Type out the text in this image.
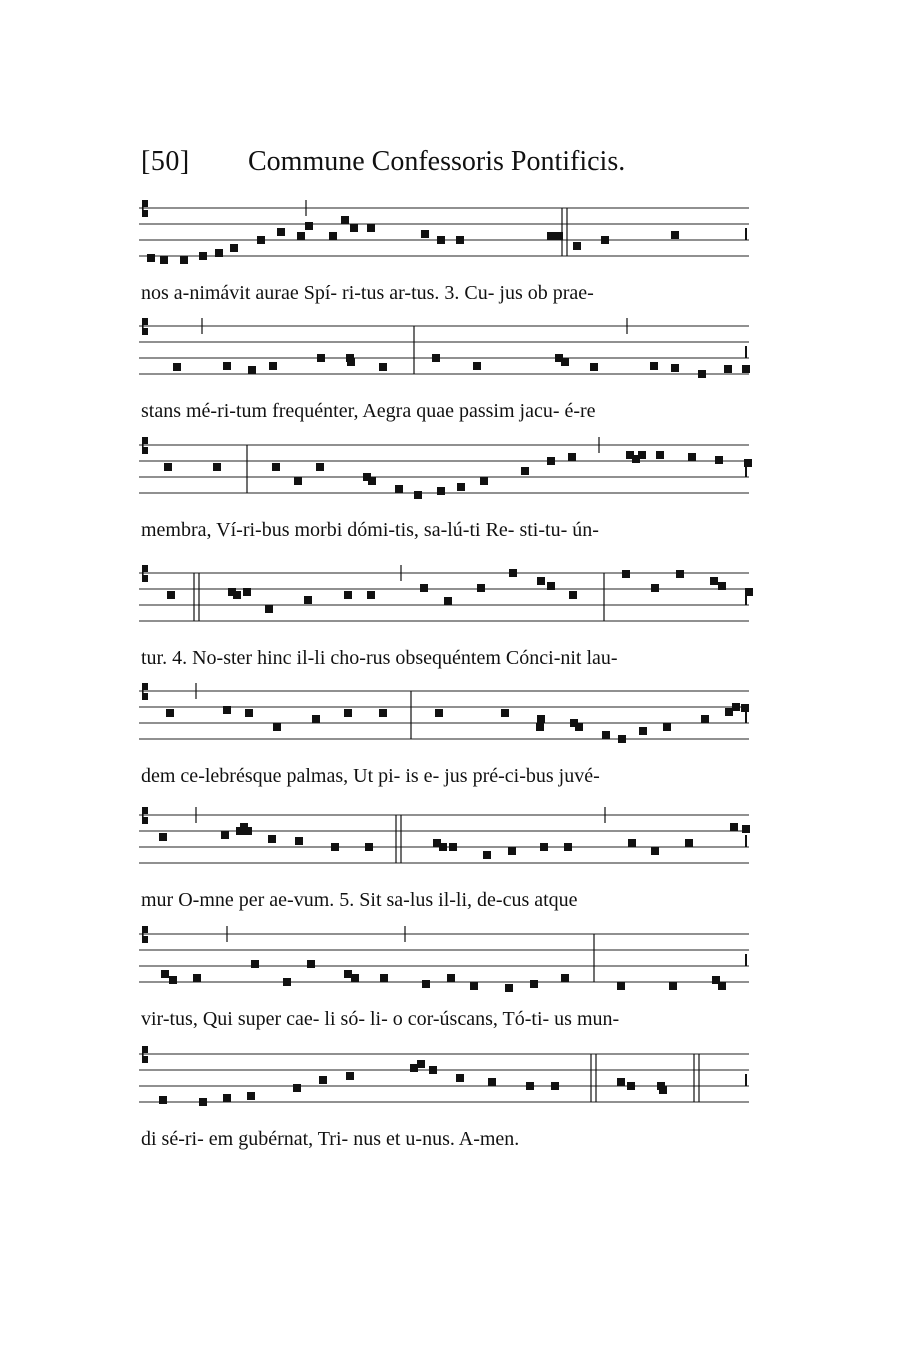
[50] Commune Confessoris Pontificis.
nos a-nimávit aurae Spí- ri-tus ar-tus. 3. Cu- jus ob prae-
stans mé-ri-tum frequénter, Aegra quae passim jacu- é-re
membra, Ví-ri-bus morbi dómi-tis, sa-lú-ti Re- sti-tu- ún-
tur. 4. No-ster hinc il-li cho-rus obsequéntem Cónci-nit lau-
dem ce-lebrésque palmas, Ut pi- is e- jus pré-ci-bus juvé-
mur O-mne per ae-vum. 5. Sit sa-lus il-li, de-cus atque
vir-tus, Qui super cae- li só- li- o cor-úscans, Tó-ti- us mun-
di sé-ri- em gubérnat, Tri- nus et u-nus. A-men.
